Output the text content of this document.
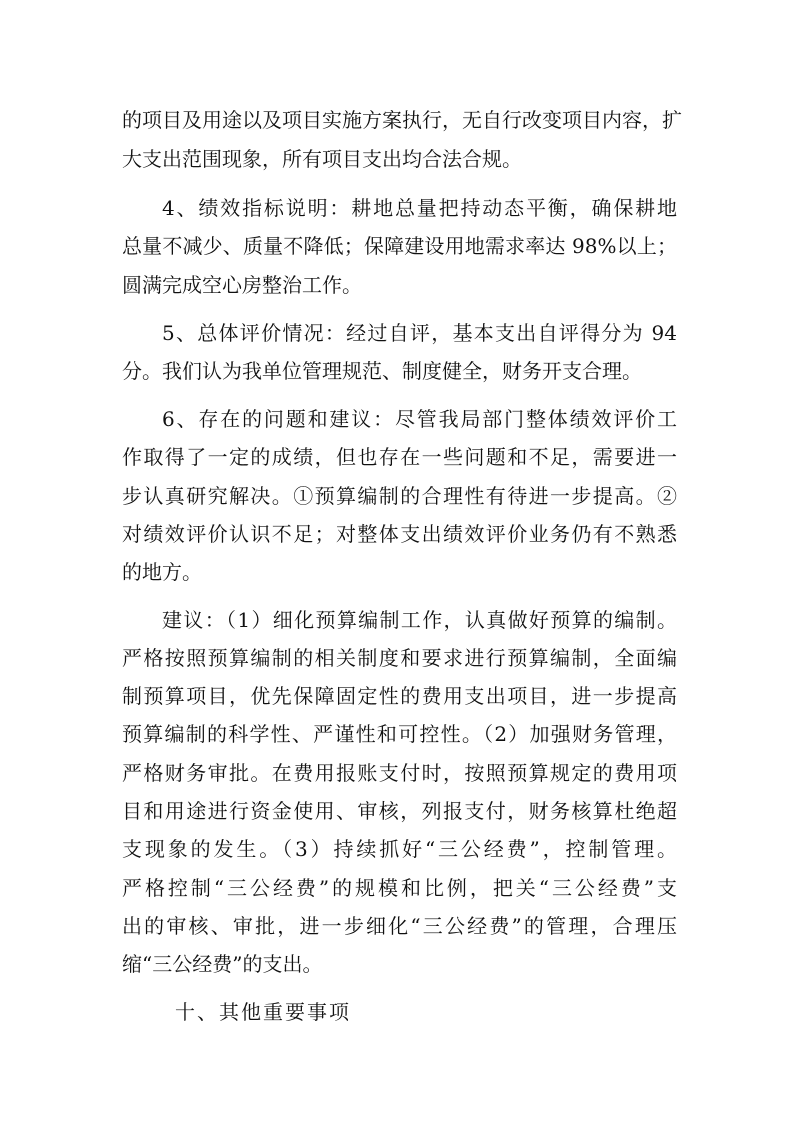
的项目及用途以及项目实施方案执行，无自行改变项目内容，扩
大支出范围现象，所有项目支出均合法合规。
4、绩效指标说明：耕地总量把持动态平衡，确保耕地
总量不减少、质量不降低；保障建设用地需求率达 98%以上；
圆满完成空心房整治工作。
5、总体评价情况：经过自评，基本支出自评得分为 94
分。我们认为我单位管理规范、制度健全，财务开支合理。
6、存在的问题和建议：尽管我局部门整体绩效评价工
作取得了一定的成绩，但也存在一些问题和不足，需要进一
步认真研究解决。①预算编制的合理性有待进一步提高。②
对绩效评价认识不足；对整体支出绩效评价业务仍有不熟悉
的地方。
建议：（1）细化预算编制工作，认真做好预算的编制。
严格按照预算编制的相关制度和要求进行预算编制，全面编
制预算项目，优先保障固定性的费用支出项目，进一步提高
预算编制的科学性、严谨性和可控性。（2）加强财务管理，
严格财务审批。在费用报账支付时，按照预算规定的费用项
目和用途进行资金使用、审核，列报支付，财务核算杜绝超
支现象的发生。（3）持续抓好“三公经费”，控制管理。
严格控制“三公经费”的规模和比例，把关“三公经费”支
出的审核、审批，进一步细化“三公经费”的管理，合理压
缩“三公经费”的支出。
十、其他重要事项
